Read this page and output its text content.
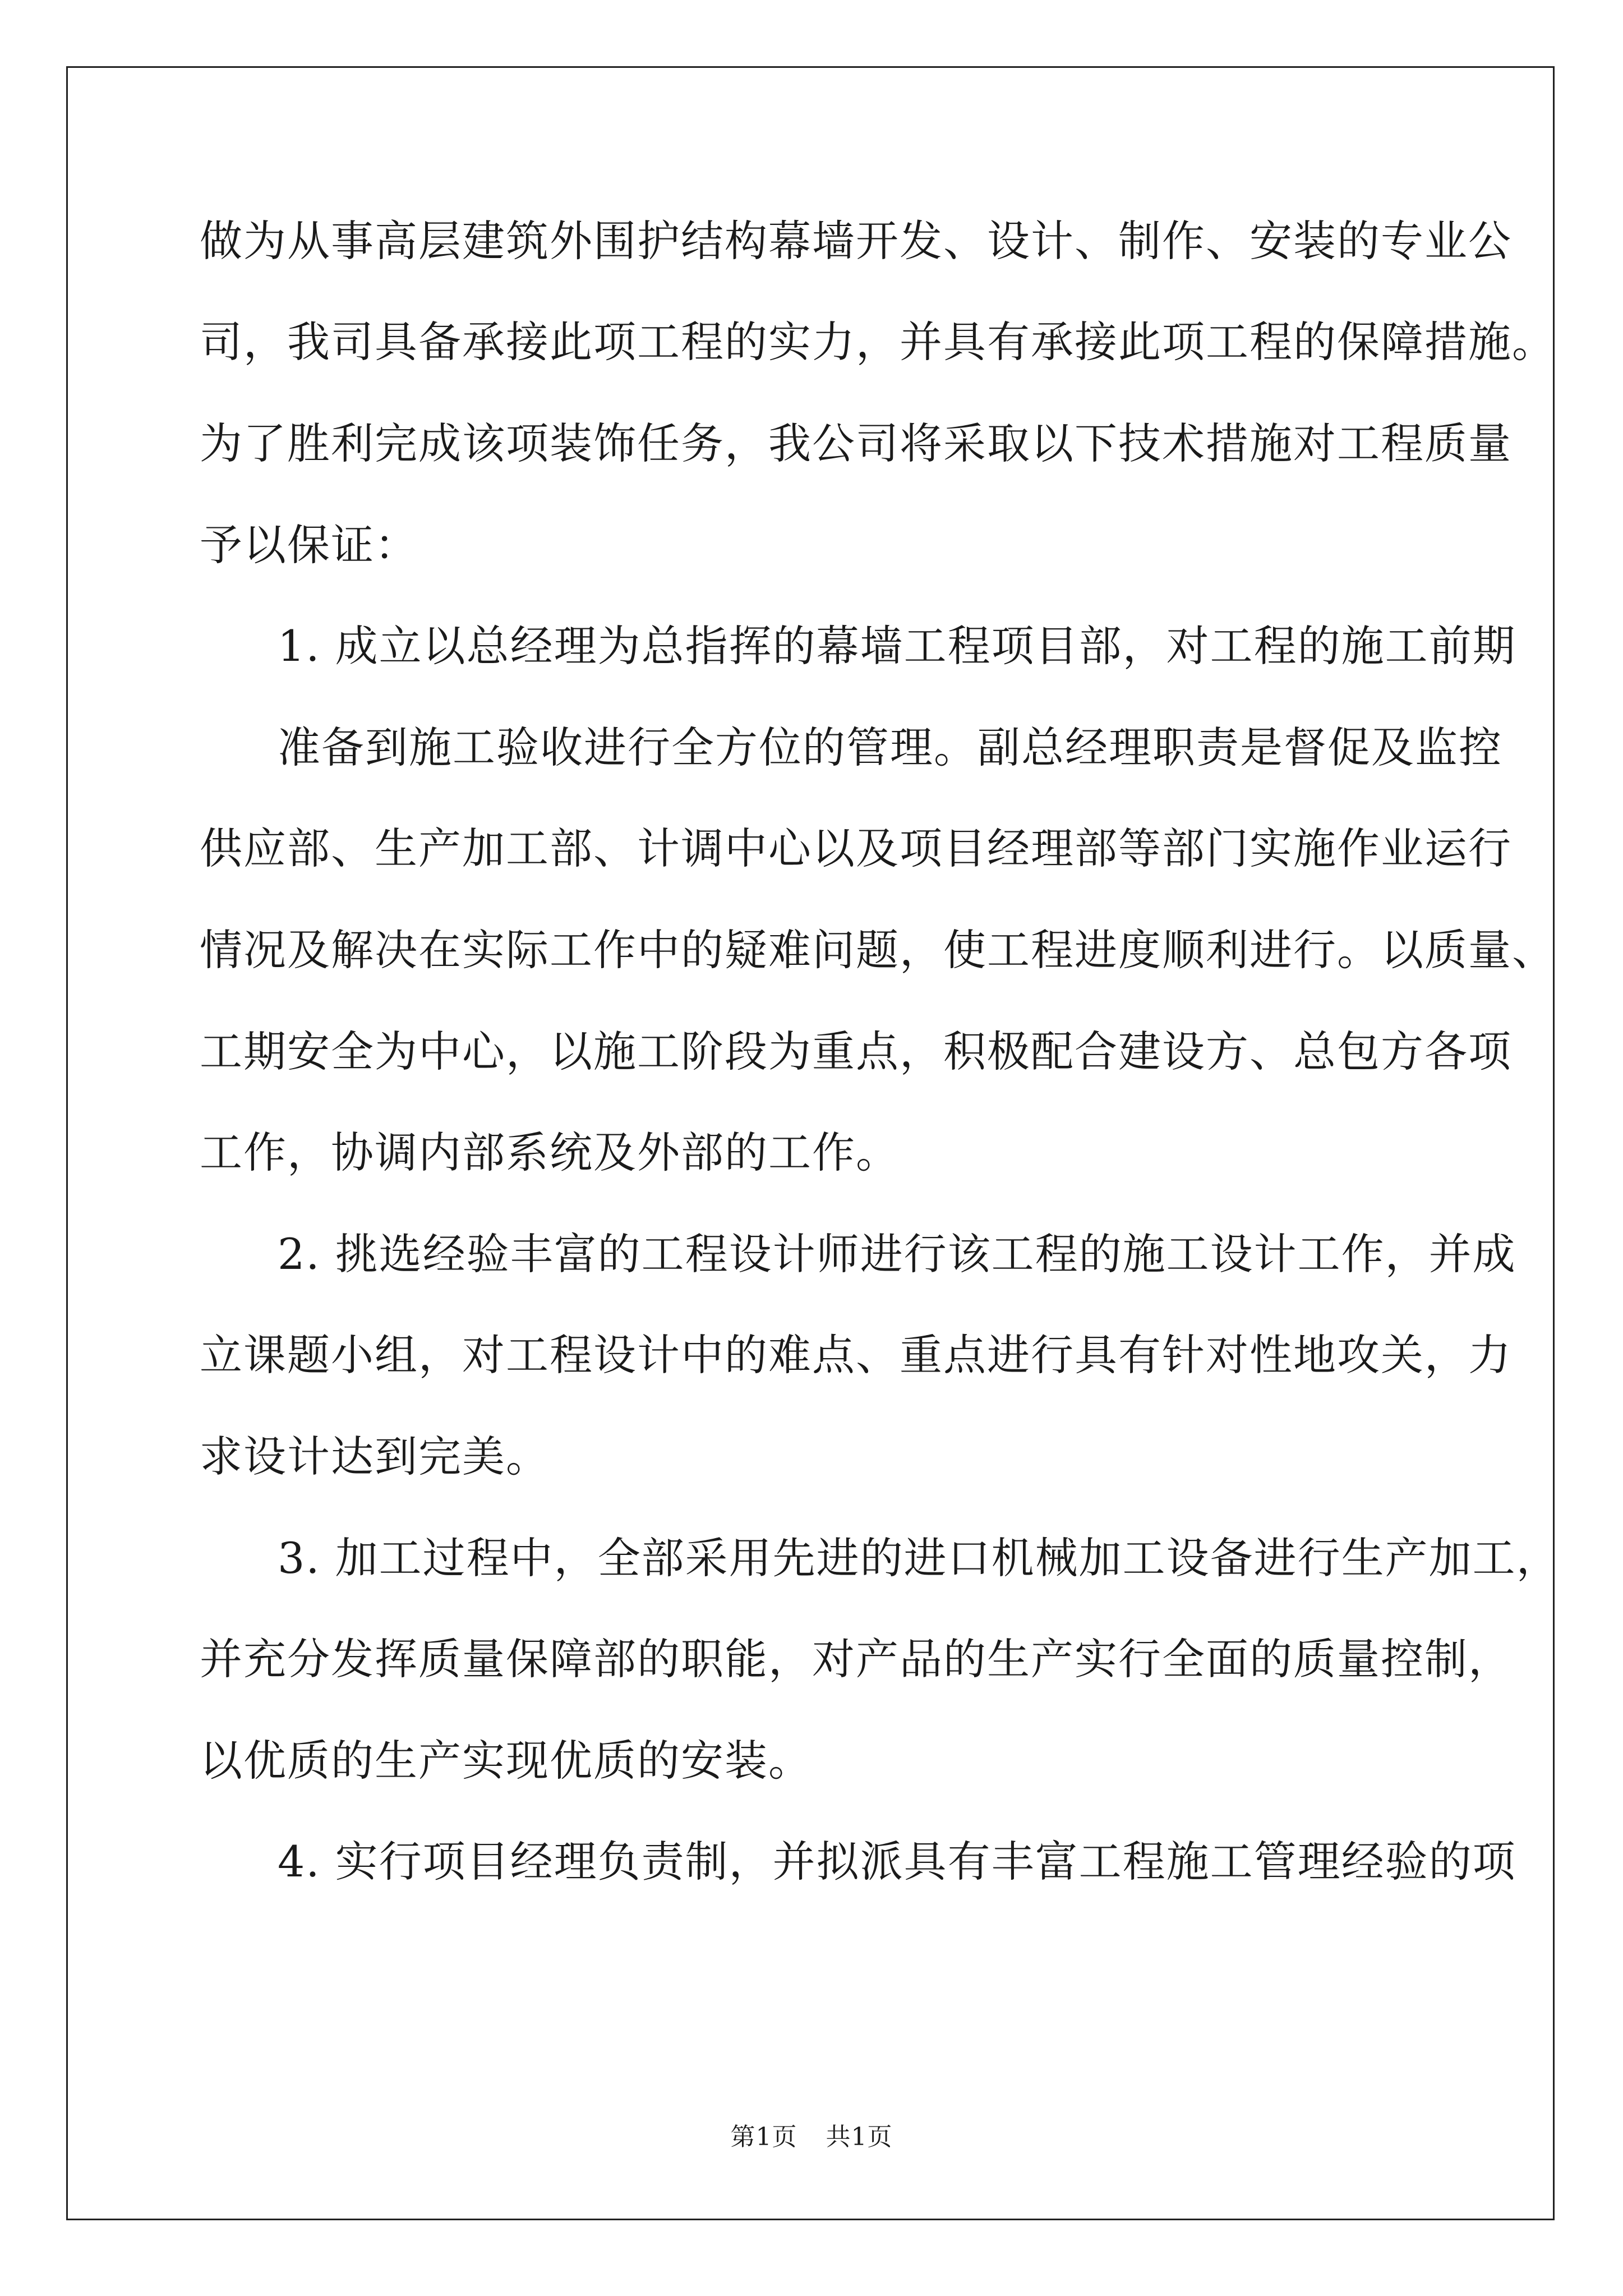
做为从事高层建筑外围护结构幕墙开发、设计、制作、安装的专业公
司，我司具备承接此项工程的实力，并具有承接此项工程的保障措施。
为了胜利完成该项装饰任务，我公司将采取以下技术措施对工程质量
予以保证：
1. 成立以总经理为总指挥的幕墙工程项目部，对工程的施工前期
准备到施工验收进行全方位的管理。副总经理职责是督促及监控
供应部、生产加工部、计调中心以及项目经理部等部门实施作业运行
情况及解决在实际工作中的疑难问题，使工程进度顺利进行。以质量、
工期安全为中心，以施工阶段为重点，积极配合建设方、总包方各项
工作，协调内部系统及外部的工作。
2. 挑选经验丰富的工程设计师进行该工程的施工设计工作，并成
立课题小组，对工程设计中的难点、重点进行具有针对性地攻关，力
求设计达到完美。
3. 加工过程中，全部采用先进的进口机械加工设备进行生产加工，
并充分发挥质量保障部的职能，对产品的生产实行全面的质量控制，
以优质的生产实现优质的安装。
4. 实行项目经理负责制，并拟派具有丰富工程施工管理经验的项
第1页 共1页
